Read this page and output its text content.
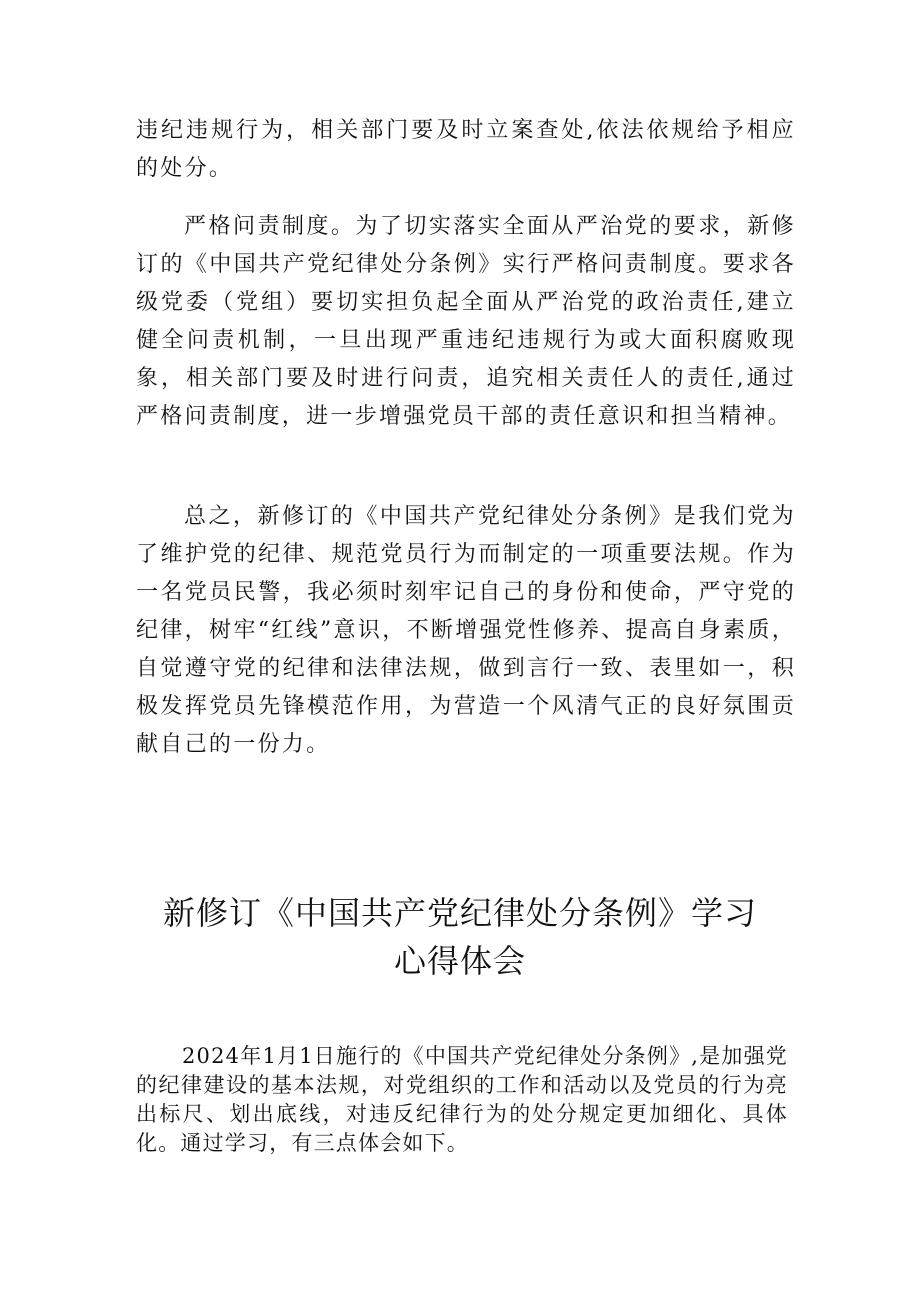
违纪违规行为，相关部门要及时立案查处,依法依规给予相应的处分。

严格问责制度。为了切实落实全面从严治党的要求，新修订的《中国共产党纪律处分条例》实行严格问责制度。要求各级党委（党组）要切实担负起全面从严治党的政治责任,建立健全问责机制，一旦出现严重违纪违规行为或大面积腐败现象，相关部门要及时进行问责，追究相关责任人的责任,通过严格问责制度，进一步增强党员干部的责任意识和担当精神。

总之，新修订的《中国共产党纪律处分条例》是我们党为了维护党的纪律、规范党员行为而制定的一项重要法规。作为一名党员民警，我必须时刻牢记自己的身份和使命，严守党的纪律，树牢“红线”意识，不断增强党性修养、提高自身素质，自觉遵守党的纪律和法律法规，做到言行一致、表里如一，积极发挥党员先锋模范作用，为营造一个风清气正的良好氛围贡献自己的一份力。

新修订《中国共产党纪律处分条例》学习
心得体会

2024年1月1日施行的《中国共产党纪律处分条例》,是加强党的纪律建设的基本法规，对党组织的工作和活动以及党员的行为亮出标尺、划出底线，对违反纪律行为的处分规定更加细化、具体化。通过学习，有三点体会如下。
